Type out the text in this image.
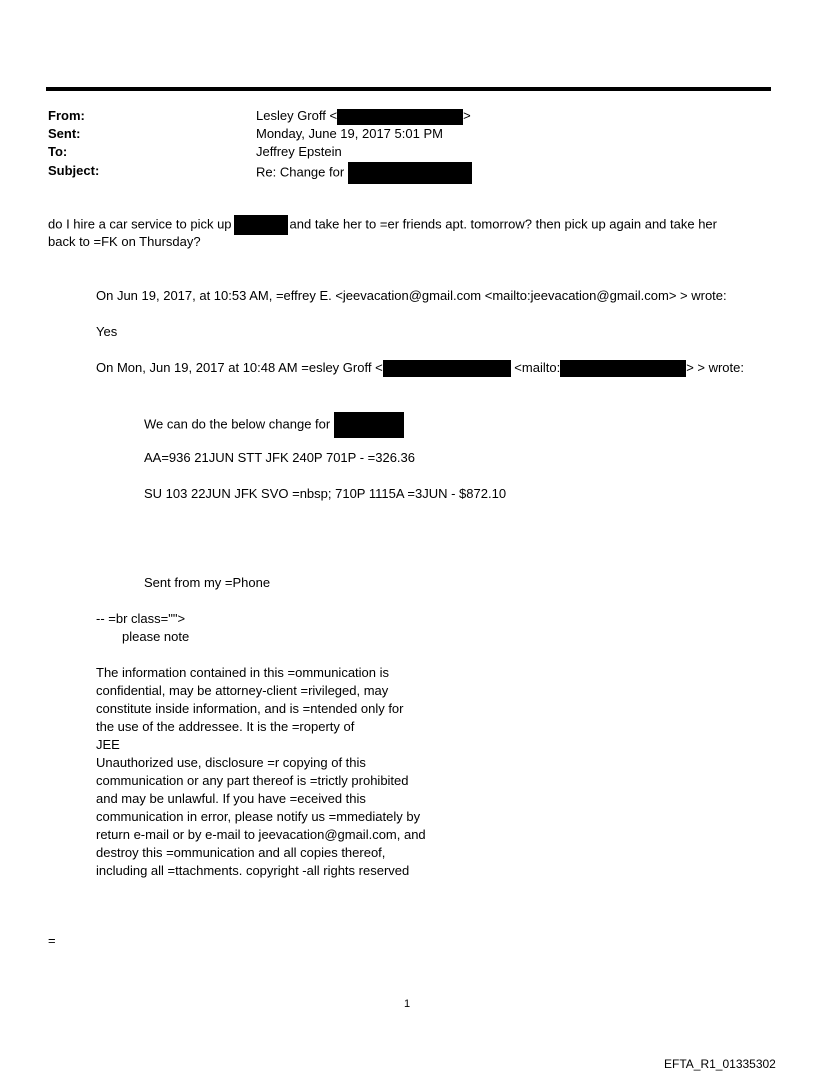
From:	Lesley Groff <	>
Sent:	Monday, June 19, 2017 5:01 PM
To:	Jeffrey Epstein
Subject:	Re: Change for
do I hire a car service to pick up	and take her to =er friends apt. tomorrow? then pick up again and take her
back to =FK on Thursday?
On Jun 19, 2017, at 10:53 AM, =effrey E. <jeevacation@gmail.com <mailto:jeevacation@gmail.com> > wrote:
Yes
On Mon, Jun 19, 2017 at 10:48 AM =esley Groff <	<mailto:	> > wrote:
We can do the below change for
AA=936 21JUN STT JFK 240P 701P - =326.36
SU 103 22JUN JFK SVO =nbsp; 710P 1115A =3JUN - $872.10
Sent from my =Phone
-- =br class="">
please note
The information contained in this =ommunication is
confidential, may be attorney-client =rivileged, may
constitute inside information, and is =ntended only for
the use of the addressee. It is the =roperty of
JEE
Unauthorized use, disclosure =r copying of this
communication or any part thereof is =trictly prohibited
and may be unlawful. If you have =eceived this
communication in error, please notify us =mmediately by
return e-mail or by e-mail to jeevacation@gmail.com, and
destroy this =ommunication and all copies thereof,
including all =ttachments. copyright -all rights reserved
=
1
EFTA_R1_01335302
